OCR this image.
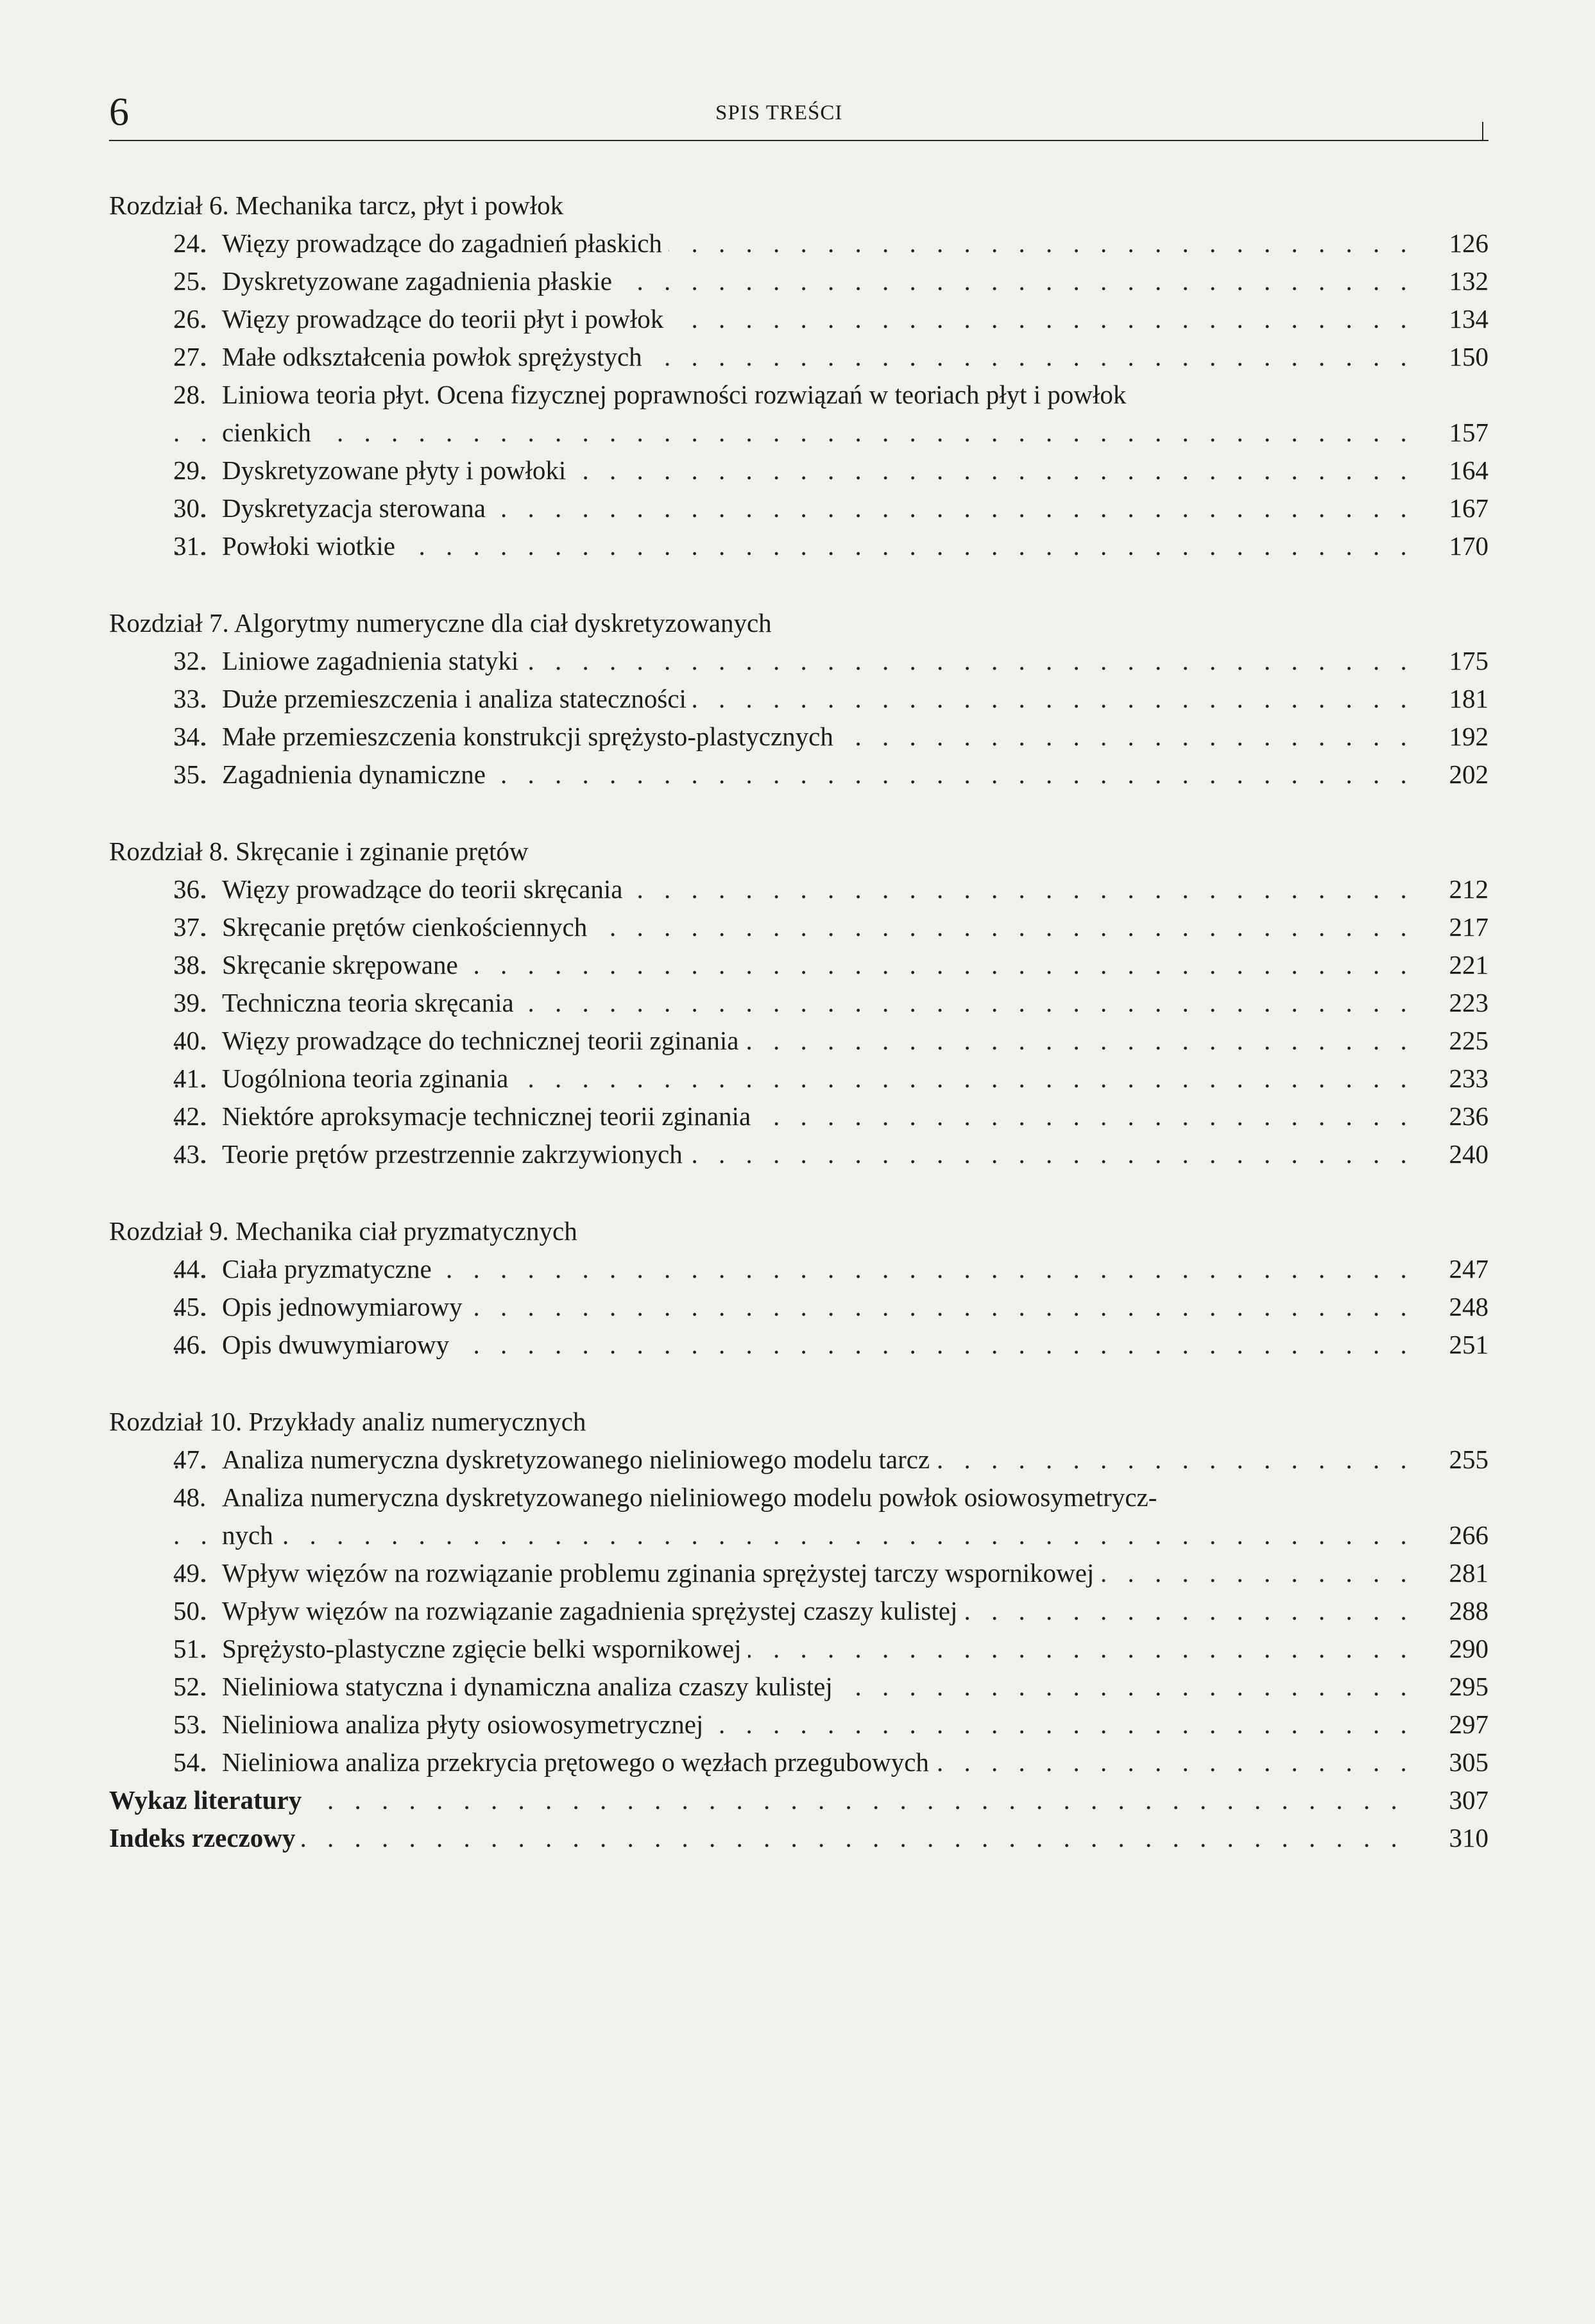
6	SPIS TREŚCI
Rozdział 6. Mechanika tarcz, płyt i powłok
24. Więzy prowadzące do zagadnień płaskich	126
. . .
25. Dyskretyzowane zagadnienia płaskie	132
. . .
26. Więzy prowadzące do teorii płyt i powłok	134
. . .
27. Małe odkształcenia powłok sprężystych	150
. . .
28. Liniowa teoria płyt. Ocena fizycznej poprawności rozwiązań w teoriach płyt i powłok
cienkich	157
. . .
29. Dyskretyzowane płyty i powłoki	164
. . .
30. Dyskretyzacja sterowana	167
. . .
31. Powłoki wiotkie	170
. . .
Rozdział 7. Algorytmy numeryczne dla ciał dyskretyzowanych
32. Liniowe zagadnienia statyki	175
. . .
33. Duże przemieszczenia i analiza stateczności	181
. . .
34. Małe przemieszczenia konstrukcji sprężysto-plastycznych	192
. . .
35. Zagadnienia dynamiczne	202
. . .
Rozdział 8. Skręcanie i zginanie prętów
36. Więzy prowadzące do teorii skręcania	212
. . .
37. Skręcanie prętów cienkościennych	217
. . .
38. Skręcanie skrępowane	221
. . .
39. Techniczna teoria skręcania	223
. . .
40. Więzy prowadzące do technicznej teorii zginania	225
. . .
41. Uogólniona teoria zginania	233
. . .
42. Niektóre aproksymacje technicznej teorii zginania	236
. . .
43. Teorie prętów przestrzennie zakrzywionych	240
. . .
Rozdział 9. Mechanika ciał pryzmatycznych
44. Ciała pryzmatyczne	247
. . .
45. Opis jednowymiarowy	248
. . .
46. Opis dwuwymiarowy	251
. . .
Rozdział 10. Przykłady analiz numerycznych
47. Analiza numeryczna dyskretyzowanego nieliniowego modelu tarcz	255
. . .
48. Analiza numeryczna dyskretyzowanego nieliniowego modelu powłok osiowosymetrycz-
nych	266
. . .
49. Wpływ więzów na rozwiązanie problemu zginania sprężystej tarczy wspornikowej	281
. . .
50. Wpływ więzów na rozwiązanie zagadnienia sprężystej czaszy kulistej	288
. . .
51. Sprężysto-plastyczne zgięcie belki wspornikowej	290
. . .
52. Nieliniowa statyczna i dynamiczna analiza czaszy kulistej	295
. . .
53. Nieliniowa analiza płyty osiowosymetrycznej	297
. . .
54. Nieliniowa analiza przekrycia prętowego o węzłach przegubowych	305
. . .
Wykaz literatury	307
. . .
Indeks rzeczowy	310
. . .
